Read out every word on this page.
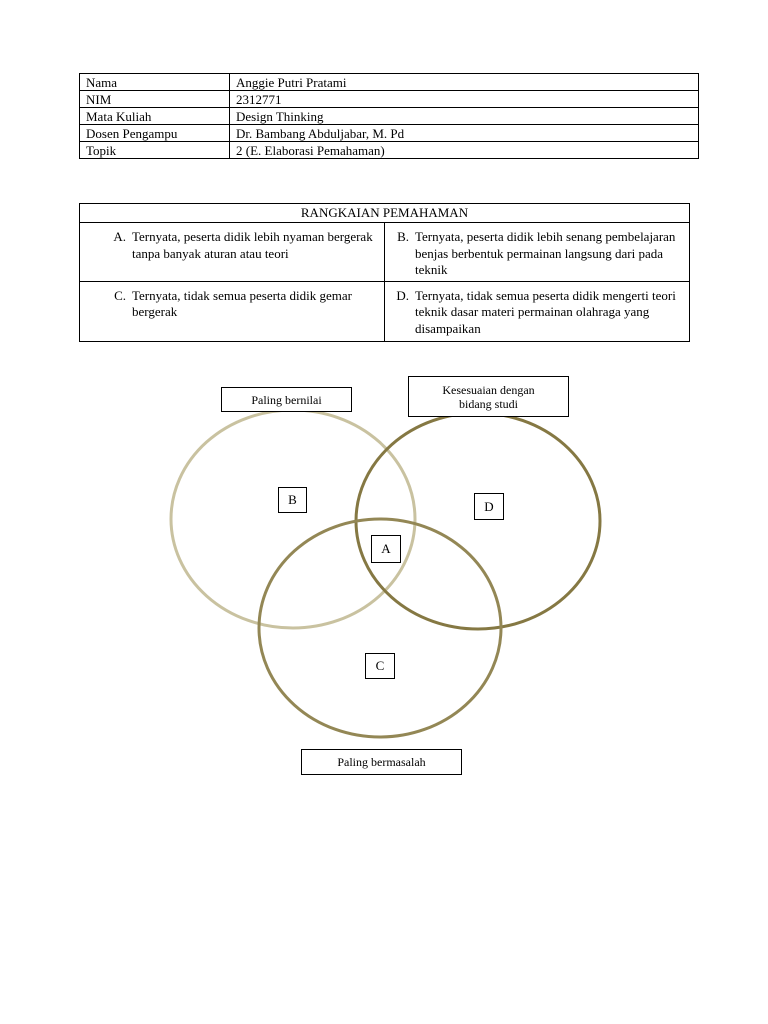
Nama	Anggie Putri Pratami
NIM	2312771
Mata Kuliah	Design Thinking
Dosen Pengampu	Dr. Bambang Abduljabar, M. Pd
Topik	2 (E. Elaborasi Pemahaman)
RANGKAIAN PEMAHAMAN	

A. Ternyata, peserta didik lebih nyaman bergerak tanpa banyak aturan atau teori	B. Ternyata, peserta didik lebih senang pembelajaran benjas berbentuk permainan langsung dari pada teknik

C. Ternyata, tidak semua peserta didik gemar bergerak	D. Ternyata, tidak semua peserta didik mengerti teori teknik dasar materi permainan olahraga yang disampaikan
Paling bernilai
Kesesuaian dengan bidang studi
Paling bermasalah
B	D
A
C
